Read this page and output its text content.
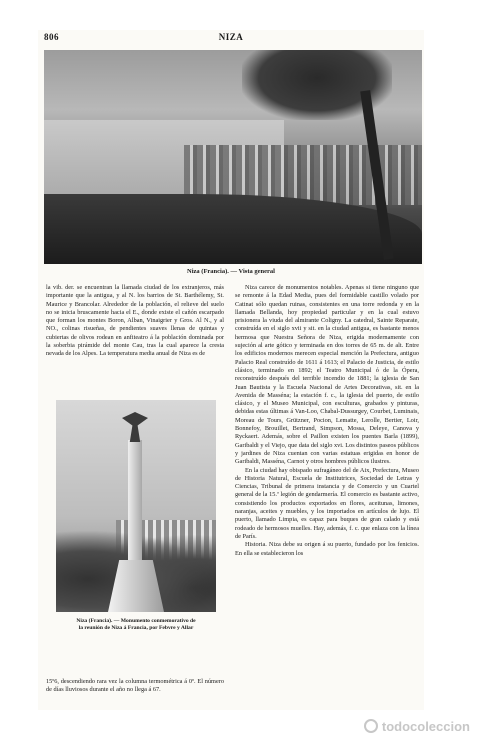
806	NIZA
Niza (Francia). — Vista general

la vib. der. se encuentran la llamada ciudad de los extranjeros, más importante que la antigua, y al N. los barrios de St. Barthélemy, St. Maurice y Brancolar. Alrededor de la población, el relieve del suelo no se inicia bruscamente hacia el E., donde existe el cañón escarpado que forman los montes Boron, Alban, Vinaigrier y Gros. Al N., y al NO., colinas risueñas, de pendientes suaves llenas de quintas y cubiertas de olivos rodean en anfiteatro á la población dominada por la soberbia pirámide del monte Cau, tras la cual aparece la cresta nevada de los Alpes. La temperatura media anual de Niza es de

Niza (Francia). — Monumento conmemorativo de
la reunión de Niza á Francia, por Febvre y Allar

15º6, descendiendo rara vez la columna termométrica á 0º. El número de días lluviosos durante el año no llega á 67.

Niza carece de monumentos notables. Apenas si tiene ninguno que se remonte á la Edad Media, pues del formidable castillo volado por Catinat sólo quedan ruinas, consistentes en una torre redonda y en la llamada Bellanda, hoy propiedad particular y en la cual estuvo prisionera la viuda del almirante Coligny. La catedral, Sainte Reparate, construída en el siglo xvii y sit. en la ciudad antigua, es bastante menos hermosa que Nuestra Señora de Niza, erigida modernamente con sujeción al arte gótico y terminada en dos torres de 65 m. de alt. Entre los edificios modernos merecen especial mención la Prefectura, antiguo Palacio Real construído de 1611 á 1613; el Palacio de Justicia, de estilo clásico, terminado en 1892; el Teatro Municipal ó de la Ópera, reconstruído después del terrible incendio de 1881; la iglesia de San Juan Bautista y la Escuela Nacional de Artes Decorativas, sit. en la Avenida de Masséna; la estación f. c., la iglesia del puerto, de estilo clásico, y el Museo Municipal, con esculturas, grabados y pinturas, debidas estas últimas á Van-Loo, Chabal-Dussurgey, Courbet, Luminais, Moreau de Tours, Grützner, Pocion, Lematte, Lerolle, Bertier, Loir, Bonnefoy, Brouillet, Bertrand, Simpson, Mossa, Deleye, Canova y Ryckaert. Además, sobre el Paillon existen los puentes Barla (1899), Garibaldi y el Viejo, que data del siglo xvi. Los distintos paseos públicos y jardines de Niza cuentan con varias estatuas erigidas en honor de Garibaldi, Masséna, Carnot y otros hombres públicos ilustres.

En la ciudad hay obispado sufragáneo del de Aix, Prefectura, Museo de Historia Natural, Escuela de Institutrices, Sociedad de Letras y Ciencias, Tribunal de primera instancia y de Comercio y un Cuartel general de la 15.ª legión de gendarmería. El comercio es bastante activo, consistiendo los productos exportados en flores, aceitunas, limones, naranjas, aceites y muebles, y los importados en artículos de lujo. El puerto, llamado Limpia, es capaz para buques de gran calado y está rodeado de hermosos muelles. Hay, además, f. c. que enlaza con la línea de París.

Historia. Niza debe su origen á su puerto, fundado por los fenicios. En ella se establecieron los

todocoleccion
